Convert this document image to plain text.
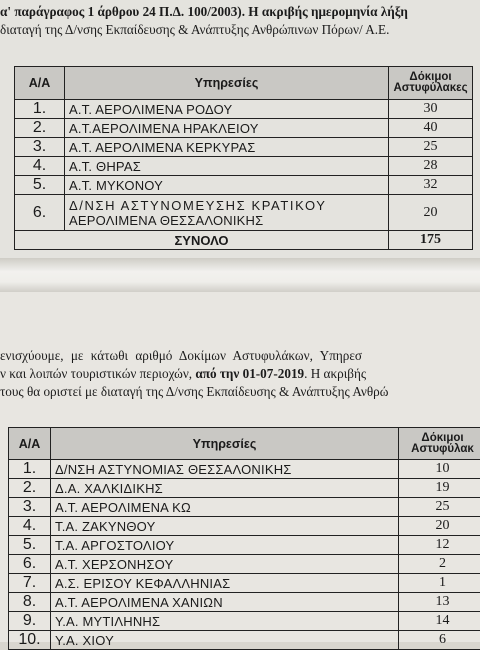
α' παράγραφος 1 άρθρου 24 Π.Δ. 100/2003). Η ακριβής ημερομηνία λήξη
διαταγή της Δ/νσης Εκπαίδευσης & Ανάπτυξης Ανθρώπινων Πόρων/ Α.Ε.
Α/Α	Υπηρεσίες	Δόκιμοι
Αστυφύλακες

1.	Α.Τ. ΑΕΡΟΛΙΜΕΝΑ ΡΟΔΟΥ	30
2.	Α.Τ.ΑΕΡΟΛΙΜΕΝΑ ΗΡΑΚΛΕΙΟΥ	40
3.	Α.Τ. ΑΕΡΟΛΙΜΕΝΑ ΚΕΡΚΥΡΑΣ	25
4.	Α.Τ. ΘΗΡΑΣ	28
5.	Α.Τ. ΜΥΚΟΝΟΥ	32
6.	Δ/ΝΣΗ ΑΣΤΥΝΟΜΕΥΣΗΣ ΚΡΑΤΙΚΟΥ
ΑΕΡΟΛΙΜΕΝΑ ΘΕΣΣΑΛΟΝΙΚΗΣ	20
ΣΥΝΟΛΟ		175
ενισχύουμε, με κάτωθι αριθμό Δοκίμων Αστυφυλάκων, Υπηρεσ
ν και λοιπών τουριστικών περιοχών, από την 01-07-2019. Η ακριβής
τους θα οριστεί με διαταγή της Δ/νσης Εκπαίδευσης & Ανάπτυξης Ανθρώ
Α/Α	Υπηρεσίες	Δόκιμοι
Αστυφύλακ

1.	Δ/ΝΣΗ ΑΣΤΥΝΟΜΙΑΣ ΘΕΣΣΑΛΟΝΙΚΗΣ	10
2.	Δ.Α. ΧΑΛΚΙΔΙΚΗΣ	19
3.	Α.Τ. ΑΕΡΟΛΙΜΕΝΑ ΚΩ	25
4.	Τ.Α. ΖΑΚΥΝΘΟΥ	20
5.	Τ.Α. ΑΡΓΟΣΤΟΛΙΟΥ	12
6.	Α.Τ. ΧΕΡΣΟΝΗΣΟΥ	2
7.	Α.Σ. ΕΡΙΣΟΥ ΚΕΦΑΛΛΗΝΙΑΣ	1
8.	Α.Τ. ΑΕΡΟΛΙΜΕΝΑ ΧΑΝΙΩΝ	13
9.	Υ.Α. ΜΥΤΙΛΗΝΗΣ	14
10.	Υ.Α. ΧΙΟΥ	6
